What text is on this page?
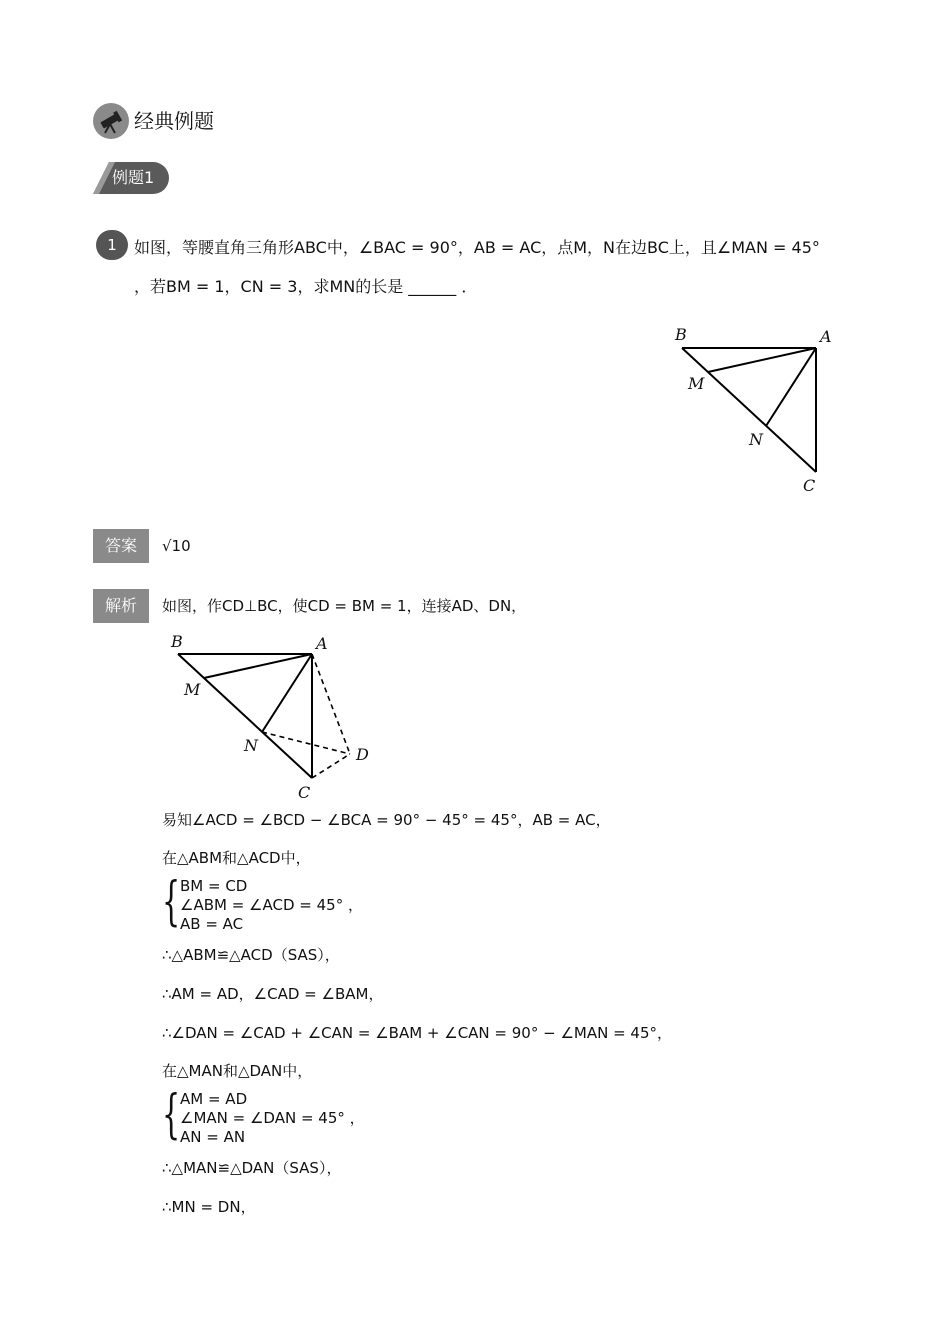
经典例题
例题1
1	如图，等腰直角三角形ABC中，∠BAC = 90°，AB = AC，点M，N在边BC上，且∠MAN = 45°
，若BM = 1，CN = 3，求MN的长是 ______ ．
B	A
M
N
C
答案	√10
解析	如图，作CD⊥BC，使CD = BM = 1，连接AD、DN，
B	A
M
N	D
C
易知∠ACD = ∠BCD − ∠BCA = 90° − 45° = 45°，AB = AC，
在△ABM和△ACD中，
{ BM = CD
∠ABM = ∠ACD = 45° ，
AB = AC
∴△ABM≌△ACD（SAS），
∴AM = AD，∠CAD = ∠BAM，
∴∠DAN = ∠CAD + ∠CAN = ∠BAM + ∠CAN = 90° − ∠MAN = 45°，
在△MAN和△DAN中，
{ AM = AD
∠MAN = ∠DAN = 45° ，
AN = AN
∴△MAN≌△DAN（SAS），
∴MN = DN，
